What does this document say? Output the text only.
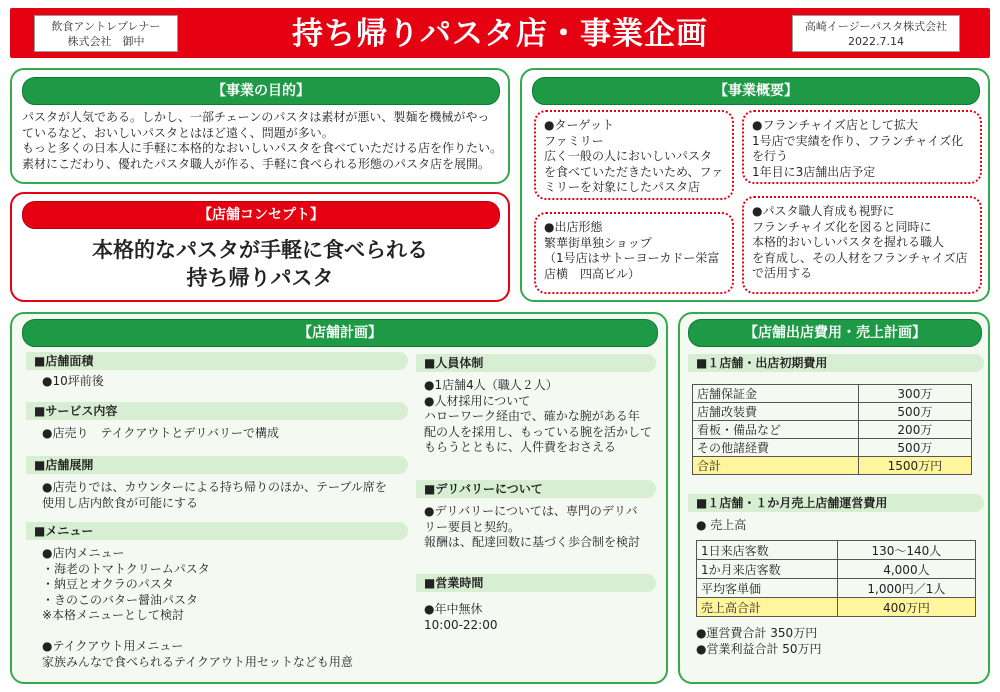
飲食アントレプレナー
株式会社　御中	持ち帰りパスタ店・事業企画	高崎イージーパスタ株式会社
2022.7.14
【事業の目的】
パスタが人気である。しかし、一部チェーンのパスタは素材が悪い、製麺を機械がやっ
ているなど、おいしいパスタとはほど遠く、問題が多い。
もっと多くの日本人に手軽に本格的なおいしいパスタを食べていただける店を作りたい。
素材にこだわり、優れたパスタ職人が作る、手軽に食べられる形態のパスタ店を展開。
【店舗コンセプト】
本格的なパスタが手軽に食べられる
持ち帰りパスタ
【事業概要】
●ターゲット
ファミリー
広く一般の人においしいパスタ
を食べていただきたいため、ファ
ミリーを対象にしたパスタ店
●フランチャイズ店として拡大
1号店で実績を作り、フランチャイズ化
を行う
1年目に3店舗出店予定
●出店形態
繁華街単独ショップ
（1号店はサトーヨーカドー栄富
店横　四高ビル）
●パスタ職人育成も視野に
フランチャイズ化を図ると同時に
本格的おいしいパスタを握れる職人
を育成し、その人材をフランチャイズ店
で活用する
【店舗計画】
■店舗面積
●10坪前後
■サービス内容
●店売り　テイクアウトとデリバリーで構成
■店舗展開
●店売りでは、カウンターによる持ち帰りのほか、テーブル席を
使用し店内飲食が可能にする
■メニュー
●店内メニュー
・海老のトマトクリームパスタ
・納豆とオクラのパスタ
・きのこのバター醤油パスタ
※本格メニューとして検討

●テイクアウト用メニュー
家族みんなで食べられるテイクアウト用セットなども用意
■人員体制
●1店舗4人（職人２人）
●人材採用について
ハローワーク経由で、確かな腕がある年
配の人を採用し、もっている腕を活かして
もらうとともに、人件費をおさえる
■デリバリーについて
●デリバリーについては、専門のデリバ
リー要員と契約。
報酬は、配達回数に基づく歩合制を検討
■営業時間
●年中無休
10:00-22:00
【店舗出店費用・売上計画】
■１店舗・出店初期費用
店舗保証金	300万
店舗改装費	500万
看板・備品など	200万
その他諸経費	500万
合計	1500万円
■１店舗・１か月売上店舗運営費用
● 売上高
1日来店客数	130～140人
1か月来店客数	4,000人
平均客単価	1,000円／1人
売上高合計	400万円
●運営費合計 350万円
●営業利益合計 50万円
